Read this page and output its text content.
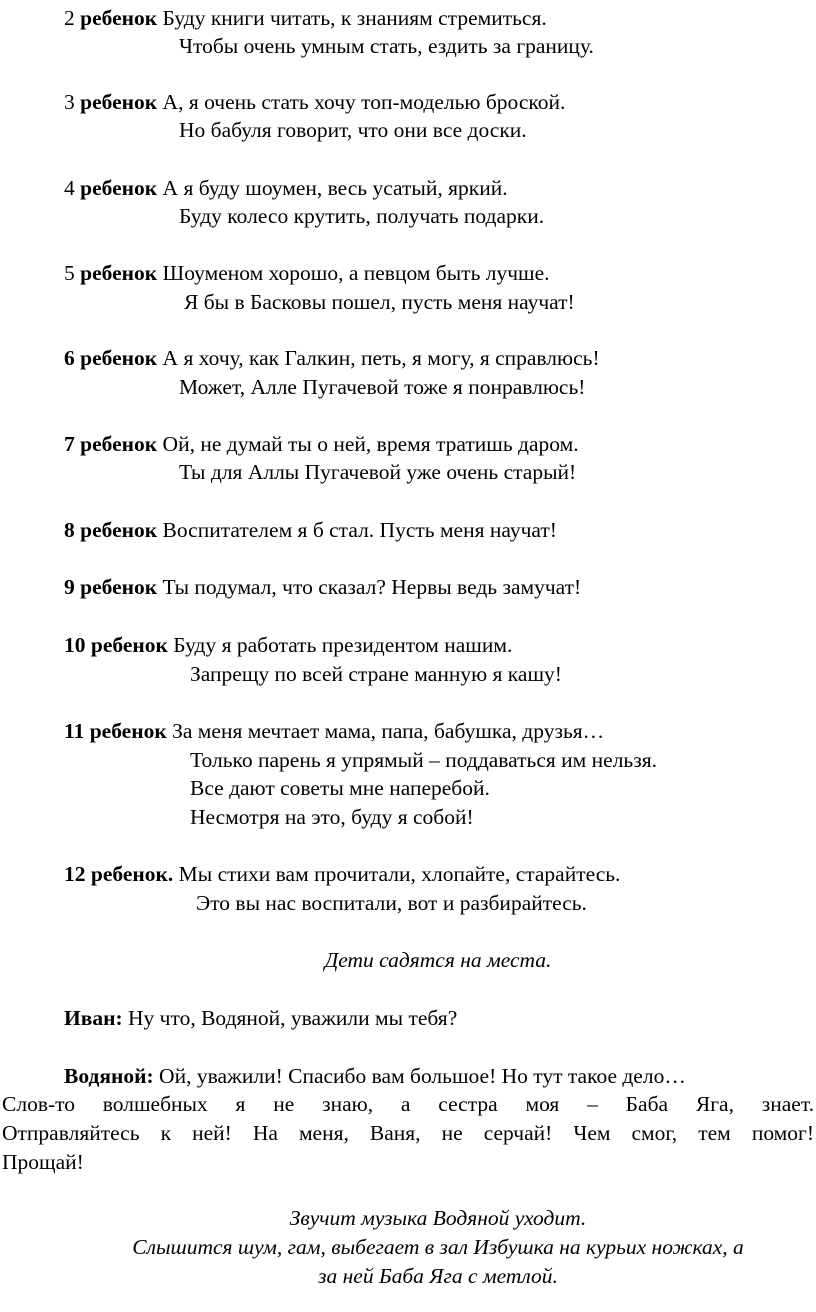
2 ребенок Буду книги читать, к знаниям стремиться.
Чтобы очень умным стать, ездить за границу.
3 ребенок А, я очень стать хочу топ-моделью броской.
Но бабуля говорит, что они все доски.
4 ребенок А я буду шоумен, весь усатый, яркий.
Буду колесо крутить, получать подарки.
5 ребенок Шоуменом хорошо, а певцом быть лучше.
Я бы в Басковы пошел, пусть меня научат!
6 ребенок А я хочу, как Галкин, петь, я могу, я справлюсь!
Может, Алле Пугачевой тоже я понравлюсь!
7 ребенок Ой, не думай ты о ней, время тратишь даром.
Ты для Аллы Пугачевой уже очень старый!
8 ребенок Воспитателем я б стал. Пусть меня научат!
9 ребенок Ты подумал, что сказал? Нервы ведь замучат!
10 ребенок Буду я работать президентом нашим.
Запрещу по всей стране манную я кашу!
11 ребенок За меня мечтает мама, папа, бабушка, друзья…
Только парень я упрямый – поддаваться им нельзя.
Все дают советы мне наперебой.
Несмотря на это, буду я собой!
12 ребенок. Мы стихи вам прочитали, хлопайте, старайтесь.
Это вы нас воспитали, вот и разбирайтесь.
Дети садятся на места.
Иван: Ну что, Водяной, уважили мы тебя?
Водяной: Ой, уважили! Спасибо вам большое! Но тут такое дело…
Слов-то волшебных я не знаю, а сестра моя – Баба Яга, знает.
Отправляйтесь к ней! На меня, Ваня, не серчай! Чем смог, тем помог!
Прощай!
Звучит музыка Водяной уходит.
Слышится шум, гам, выбегает в зал Избушка на курьих ножках, а
за ней Баба Яга с метлой.
